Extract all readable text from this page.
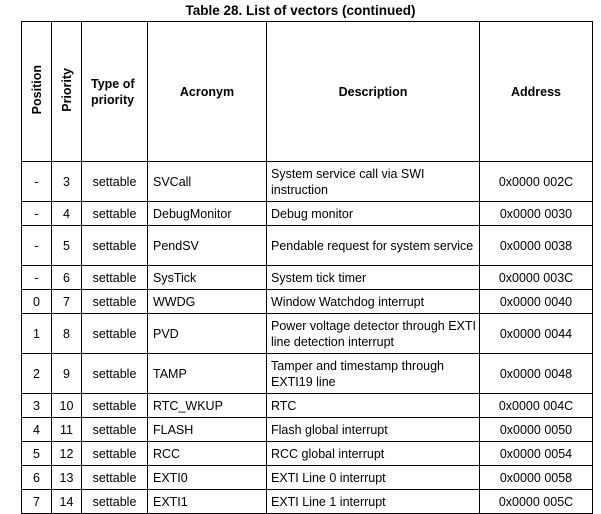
Table 28. List of vectors (continued)
Position	Priority	Type of priority	Acronym	Description	Address
-	3	settable	SVCall	System service call via SWI instruction	0x0000 002C
-	4	settable	DebugMonitor	Debug monitor	0x0000 0030
-	5	settable	PendSV	Pendable request for system service	0x0000 0038
-	6	settable	SysTick	System tick timer	0x0000 003C
0	7	settable	WWDG	Window Watchdog interrupt	0x0000 0040
1	8	settable	PVD	Power voltage detector through EXTI line detection interrupt	0x0000 0044
2	9	settable	TAMP	Tamper and timestamp through EXTI19 line	0x0000 0048
3	10	settable	RTC_WKUP	RTC	0x0000 004C
4	11	settable	FLASH	Flash global interrupt	0x0000 0050
5	12	settable	RCC	RCC global interrupt	0x0000 0054
6	13	settable	EXTI0	EXTI Line 0 interrupt	0x0000 0058
7	14	settable	EXTI1	EXTI Line 1 interrupt	0x0000 005C
